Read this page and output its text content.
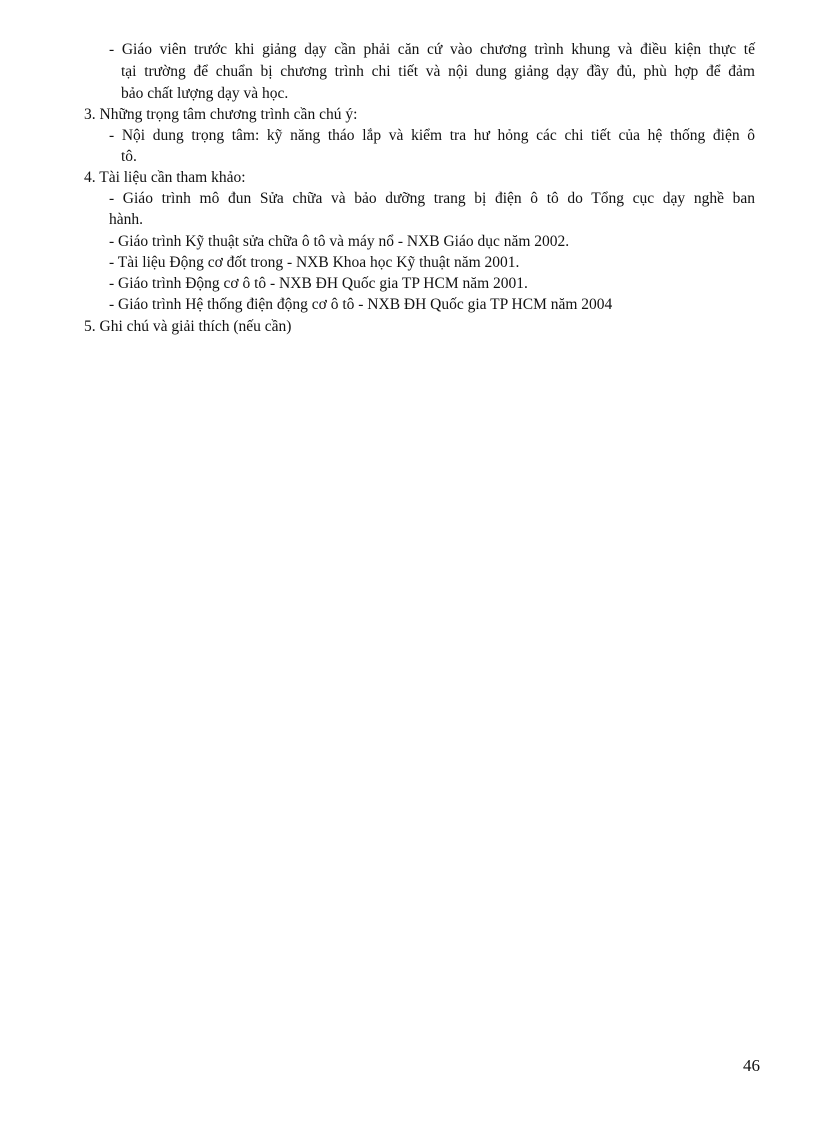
- Giáo viên trước khi giảng dạy cần phải căn cứ vào chương trình khung và điều kiện thực tế
tại trường để chuẩn bị chương trình chi tiết và nội dung giảng dạy đầy đủ, phù hợp để đảm
bảo chất lượng dạy và học.
3. Những trọng tâm chương trình cần chú ý:
- Nội dung trọng tâm: kỹ năng tháo lắp và kiểm tra hư hỏng các chi tiết của hệ thống điện ô
tô.
4. Tài liệu cần tham khảo:
- Giáo trình mô đun Sửa chữa và bảo dưỡng trang bị điện ô tô do Tổng cục dạy nghề ban
hành.
- Giáo trình Kỹ thuật sửa chữa ô tô và máy nổ - NXB Giáo dục năm 2002.
- Tài liệu Động cơ đốt trong - NXB Khoa học Kỹ thuật năm 2001.
- Giáo trình Động cơ ô tô - NXB ĐH Quốc gia TP HCM năm 2001.
- Giáo trình Hệ thống điện động cơ ô tô - NXB ĐH Quốc gia TP HCM năm 2004
5. Ghi chú và giải thích (nếu cần)
46
